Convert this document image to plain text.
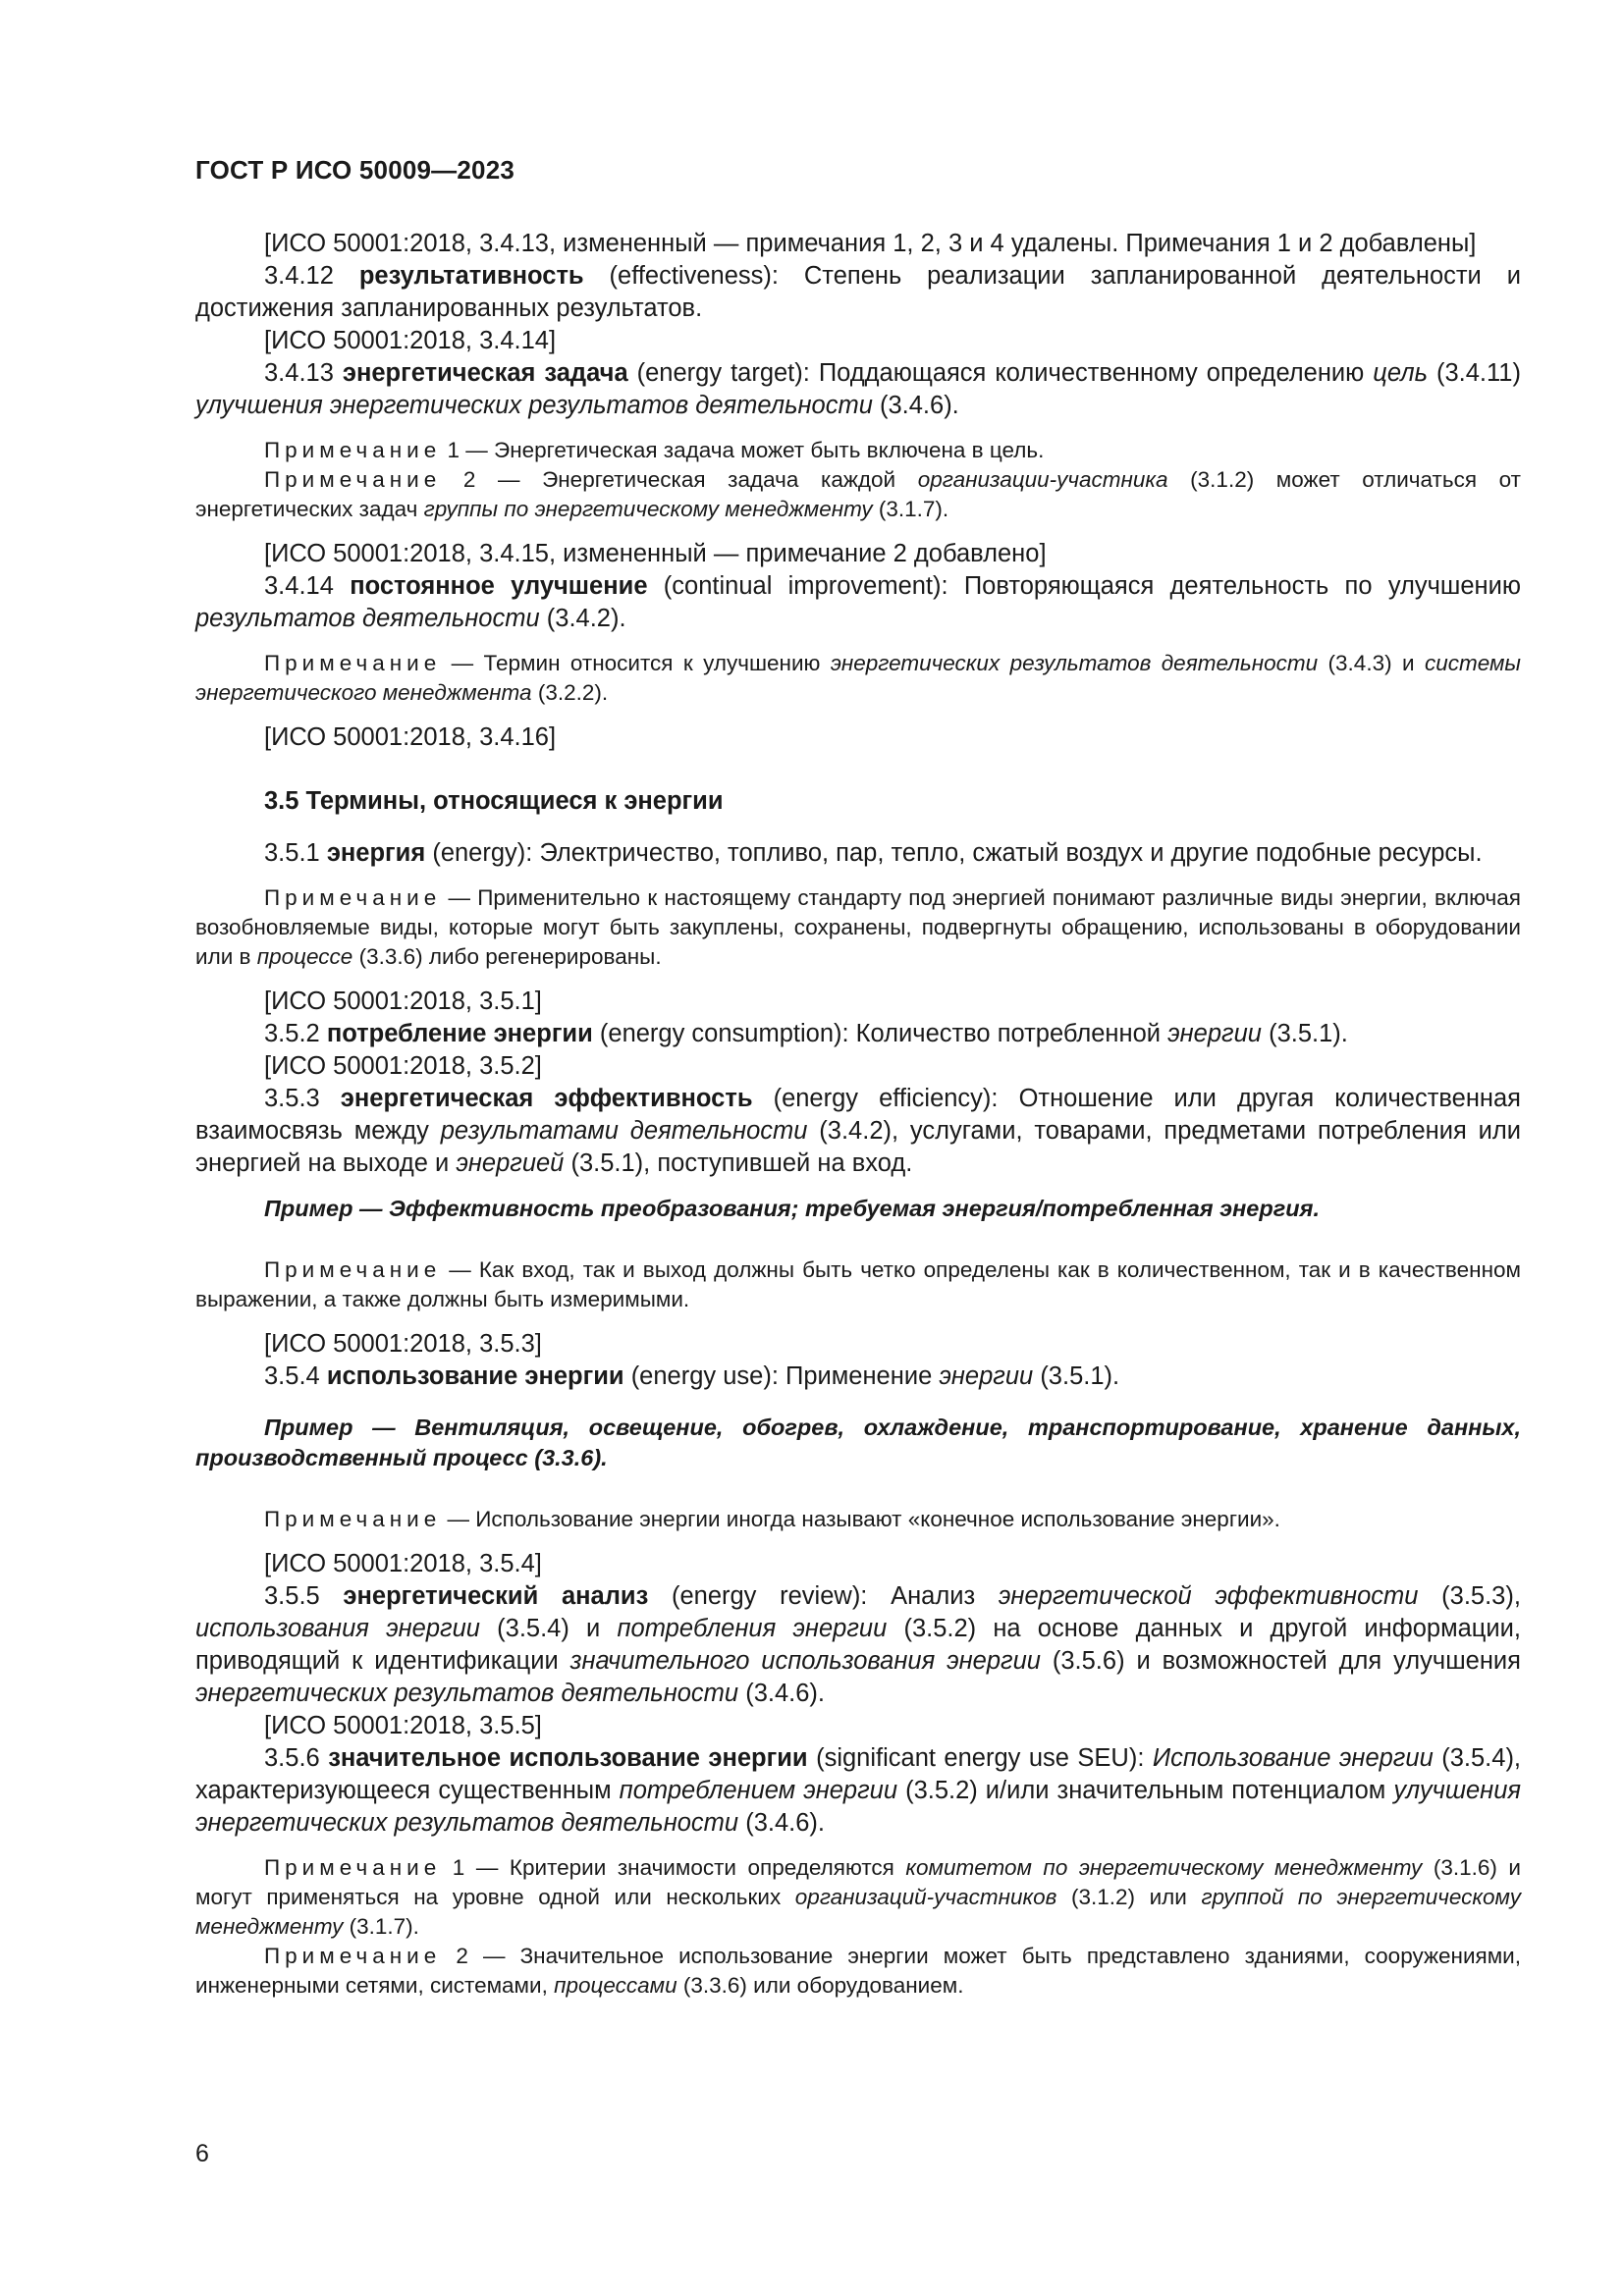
ГОСТ Р ИСО 50009—2023

[ИСО 50001:2018, 3.4.13, измененный — примечания 1, 2, 3 и 4 удалены. Примечания 1 и 2 добавлены]

3.4.12 результативность (effectiveness): Степень реализации запланированной деятельности и достижения запланированных результатов.

[ИСО 50001:2018, 3.4.14]

3.4.13 энергетическая задача (energy target): Поддающаяся количественному определению цель (3.4.11) улучшения энергетических результатов деятельности (3.4.6).

Примечание 1 — Энергетическая задача может быть включена в цель.

Примечание 2 — Энергетическая задача каждой организации-участника (3.1.2) может отличаться от энергетических задач группы по энергетическому менеджменту (3.1.7).

[ИСО 50001:2018, 3.4.15, измененный — примечание 2 добавлено]

3.4.14 постоянное улучшение (continual improvement): Повторяющаяся деятельность по улучшению результатов деятельности (3.4.2).

Примечание — Термин относится к улучшению энергетических результатов деятельности (3.4.3) и системы энергетического менеджмента (3.2.2).

[ИСО 50001:2018, 3.4.16]

3.5 Термины, относящиеся к энергии

3.5.1 энергия (energy): Электричество, топливо, пар, тепло, сжатый воздух и другие подобные ресурсы.

Примечание — Применительно к настоящему стандарту под энергией понимают различные виды энергии, включая возобновляемые виды, которые могут быть закуплены, сохранены, подвергнуты обращению, использованы в оборудовании или в процессе (3.3.6) либо регенерированы.

[ИСО 50001:2018, 3.5.1]

3.5.2 потребление энергии (energy consumption): Количество потребленной энергии (3.5.1).

[ИСО 50001:2018, 3.5.2]

3.5.3 энергетическая эффективность (energy efficiency): Отношение или другая количественная взаимосвязь между результатами деятельности (3.4.2), услугами, товарами, предметами потребления или энергией на выходе и энергией (3.5.1), поступившей на вход.

Пример — Эффективность преобразования; требуемая энергия/потребленная энергия.

Примечание — Как вход, так и выход должны быть четко определены как в количественном, так и в качественном выражении, а также должны быть измеримыми.

[ИСО 50001:2018, 3.5.3]

3.5.4 использование энергии (energy use): Применение энергии (3.5.1).

Пример — Вентиляция, освещение, обогрев, охлаждение, транспортирование, хранение данных, производственный процесс (3.3.6).

Примечание — Использование энергии иногда называют «конечное использование энергии».

[ИСО 50001:2018, 3.5.4]

3.5.5 энергетический анализ (energy review): Анализ энергетической эффективности (3.5.3), использования энергии (3.5.4) и потребления энергии (3.5.2) на основе данных и другой информации, приводящий к идентификации значительного использования энергии (3.5.6) и возможностей для улучшения энергетических результатов деятельности (3.4.6).

[ИСО 50001:2018, 3.5.5]

3.5.6 значительное использование энергии (significant energy use SEU): Использование энергии (3.5.4), характеризующееся существенным потреблением энергии (3.5.2) и/или значительным потенциалом улучшения энергетических результатов деятельности (3.4.6).

Примечание 1 — Критерии значимости определяются комитетом по энергетическому менеджменту (3.1.6) и могут применяться на уровне одной или нескольких организаций-участников (3.1.2) или группой по энергетическому менеджменту (3.1.7).

Примечание 2 — Значительное использование энергии может быть представлено зданиями, сооружениями, инженерными сетями, системами, процессами (3.3.6) или оборудованием.

6
